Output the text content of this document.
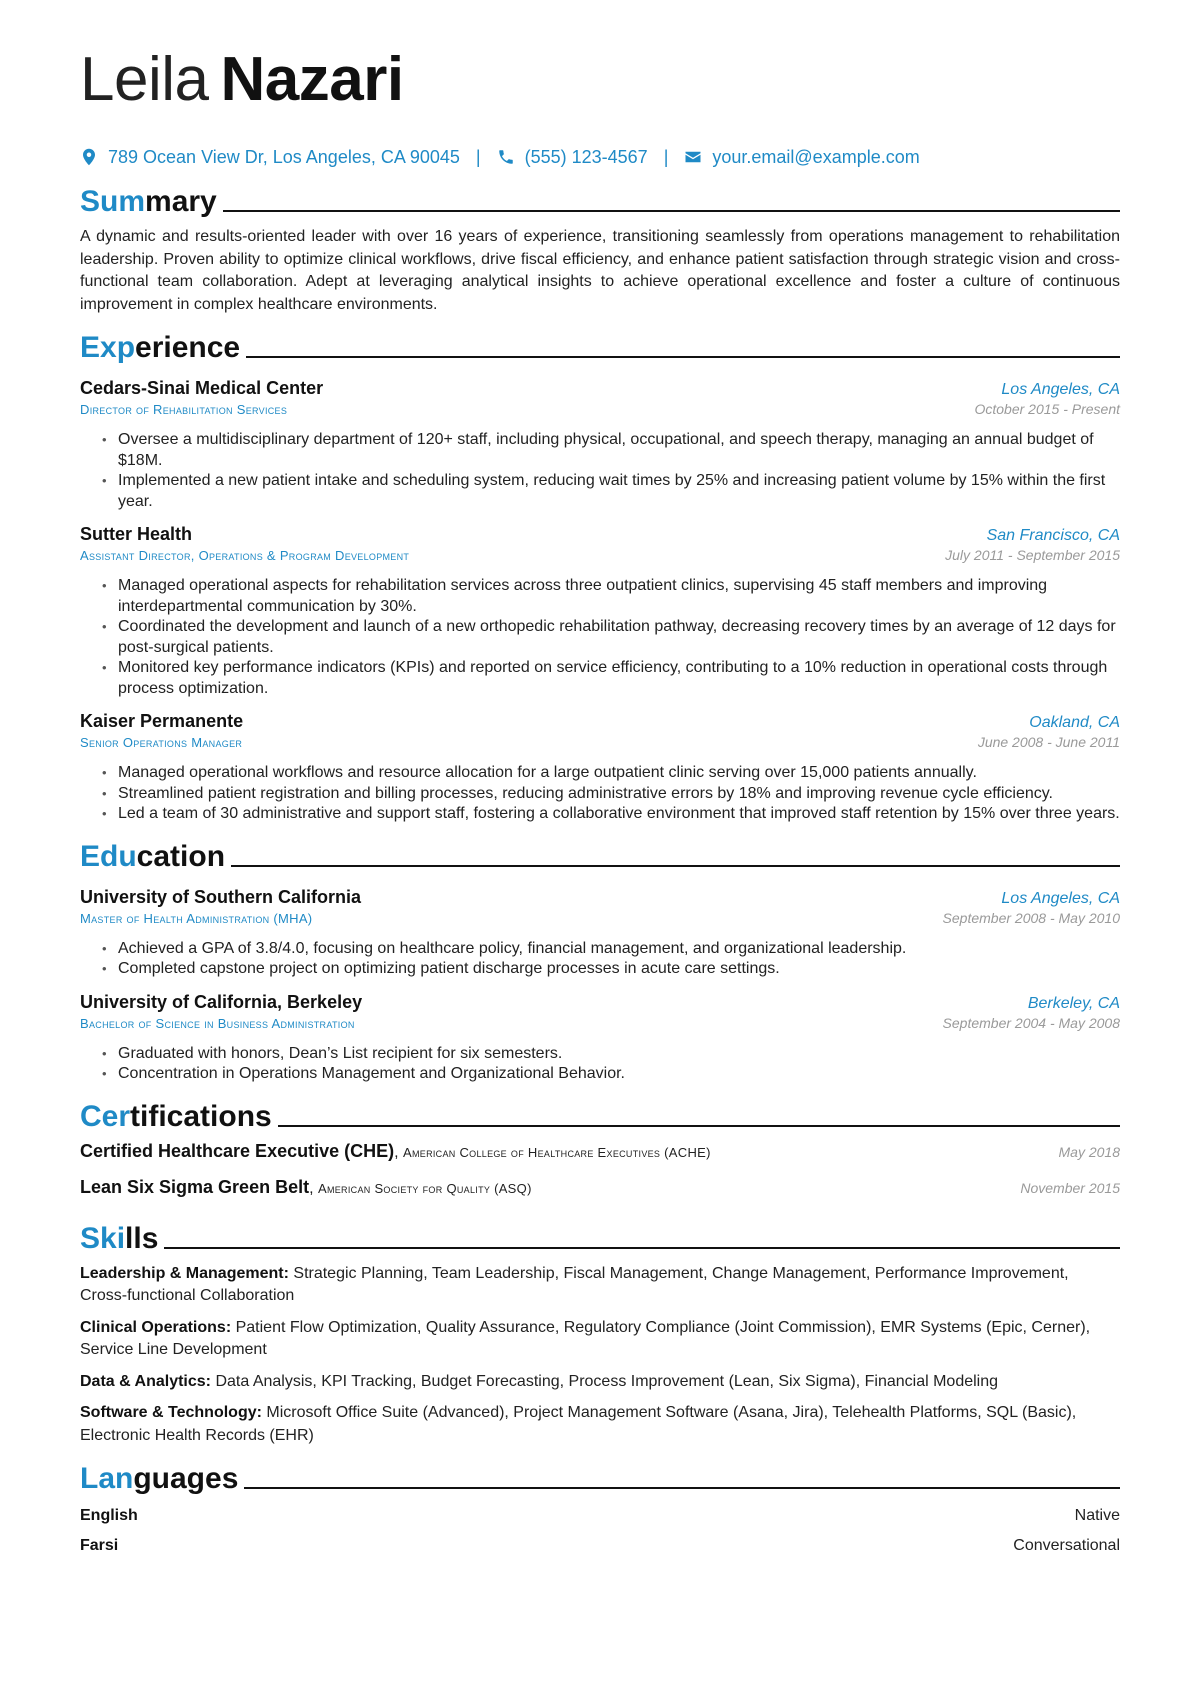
Leila Nazari
789 Ocean View Dr, Los Angeles, CA 90045 | (555) 123-4567 | your.email@example.com
Summary
A dynamic and results-oriented leader with over 16 years of experience, transitioning seamlessly from operations management to rehabilitation leadership. Proven ability to optimize clinical workflows, drive fiscal efficiency, and enhance patient satisfaction through strategic vision and cross-functional team collaboration. Adept at leveraging analytical insights to achieve operational excellence and foster a culture of continuous improvement in complex healthcare environments.
Experience
Cedars-Sinai Medical Center	Los Angeles, CA
Director of Rehabilitation Services	October 2015 - Present
• Oversee a multidisciplinary department of 120+ staff, including physical, occupational, and speech therapy, managing an annual budget of $18M.
• Implemented a new patient intake and scheduling system, reducing wait times by 25% and increasing patient volume by 15% within the first year.
Sutter Health	San Francisco, CA
Assistant Director, Operations & Program Development	July 2011 - September 2015
• Managed operational aspects for rehabilitation services across three outpatient clinics, supervising 45 staff members and improving interdepartmental communication by 30%.
• Coordinated the development and launch of a new orthopedic rehabilitation pathway, decreasing recovery times by an average of 12 days for post-surgical patients.
• Monitored key performance indicators (KPIs) and reported on service efficiency, contributing to a 10% reduction in operational costs through process optimization.
Kaiser Permanente	Oakland, CA
Senior Operations Manager	June 2008 - June 2011
• Managed operational workflows and resource allocation for a large outpatient clinic serving over 15,000 patients annually.
• Streamlined patient registration and billing processes, reducing administrative errors by 18% and improving revenue cycle efficiency.
• Led a team of 30 administrative and support staff, fostering a collaborative environment that improved staff retention by 15% over three years.
Education
University of Southern California	Los Angeles, CA
Master of Health Administration (MHA)	September 2008 - May 2010
• Achieved a GPA of 3.8/4.0, focusing on healthcare policy, financial management, and organizational leadership.
• Completed capstone project on optimizing patient discharge processes in acute care settings.
University of California, Berkeley	Berkeley, CA
Bachelor of Science in Business Administration	September 2004 - May 2008
• Graduated with honors, Dean’s List recipient for six semesters.
• Concentration in Operations Management and Organizational Behavior.
Certifications
Certified Healthcare Executive (CHE), American College of Healthcare Executives (ACHE)	May 2018
Lean Six Sigma Green Belt, American Society for Quality (ASQ)	November 2015
Skills
Leadership & Management: Strategic Planning, Team Leadership, Fiscal Management, Change Management, Performance Improvement, Cross-functional Collaboration
Clinical Operations: Patient Flow Optimization, Quality Assurance, Regulatory Compliance (Joint Commission), EMR Systems (Epic, Cerner), Service Line Development
Data & Analytics: Data Analysis, KPI Tracking, Budget Forecasting, Process Improvement (Lean, Six Sigma), Financial Modeling
Software & Technology: Microsoft Office Suite (Advanced), Project Management Software (Asana, Jira), Telehealth Platforms, SQL (Basic), Electronic Health Records (EHR)
Languages
English	Native
Farsi	Conversational
